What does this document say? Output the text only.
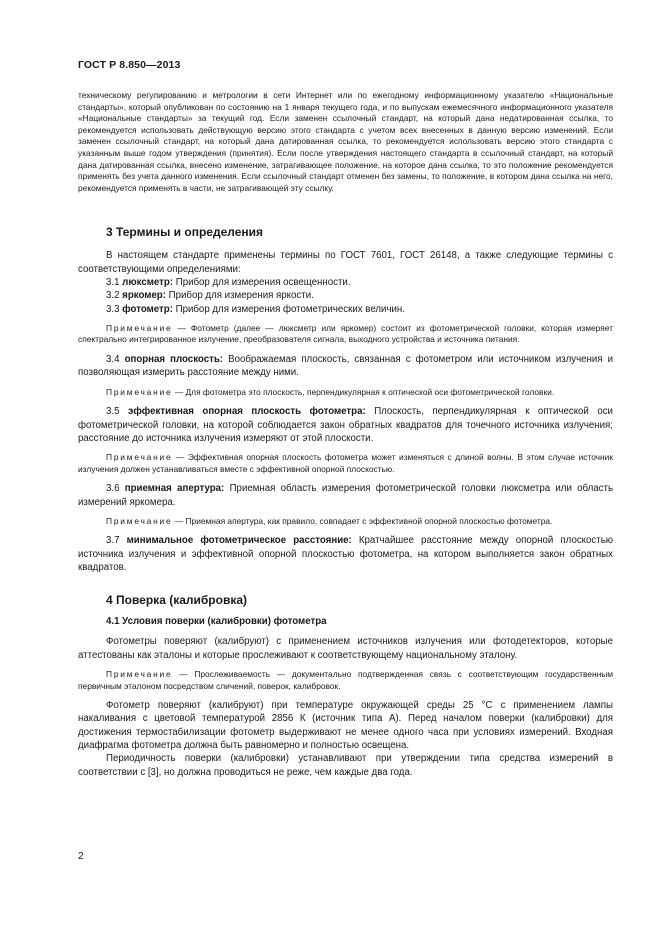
ГОСТ Р 8.850—2013

техническому регулированию и метрологии в сети Интернет или по ежегодному информационному указателю «Национальные стандарты», который опубликован по состоянию на 1 января текущего года, и по выпускам ежемесячного информационного указателя «Национальные стандарты» за текущий год. Если заменен ссылочный стандарт, на который дана недатированная ссылка, то рекомендуется использовать действующую версию этого стандарта с учетом всех внесенных в данную версию изменений. Если заменен ссылочный стандарт, на который дана датированная ссылка, то рекомендуется использовать версию этого стандарта с указанным выше годом утверждения (принятия). Если после утверждения настоящего стандарта в ссылочный стандарт, на который дана датированная ссылка, внесено изменение, затрагивающее положение, на которое дана ссылка, то это положение рекомендуется применять без учета данного изменения. Если ссылочный стандарт отменен без замены, то положение, в котором дана ссылка на него, рекомендуется применять в части, не затрагивающей эту ссылку.

3 Термины и определения

В настоящем стандарте применены термины по ГОСТ 7601, ГОСТ 26148, а также следующие термины с соответствующими определениями:

3.1 люксметр: Прибор для измерения освещенности.

3.2 яркомер: Прибор для измерения яркости.

3.3 фотометр: Прибор для измерения фотометрических величин.

Примечание — Фотометр (далее — люксметр или яркомер) состоит из фотометрической головки, которая измеряет спектрально интегрированное излучение, преобразователя сигнала, выходного устройства и источника питания.

3.4 опорная плоскость: Воображаемая плоскость, связанная с фотометром или источником излучения и позволяющая измерить расстояние между ними.

Примечание — Для фотометра это плоскость, перпендикулярная к оптической оси фотометрической головки.

3.5 эффективная опорная плоскость фотометра: Плоскость, перпендикулярная к оптической оси фотометрической головки, на которой соблюдается закон обратных квадратов для точечного источника излучения; расстояние до источника излучения измеряют от этой плоскости.

Примечание — Эффективная опорная плоскость фотометра может изменяться с длиной волны. В этом случае источник излучения должен устанавливаться вместе с эффективной опорной плоскостью.

3.6 приемная апертура: Приемная область измерения фотометрической головки люксметра или область измерений яркомера.

Примечание — Приемная апертура, как правило, совпадает с эффективной опорной плоскостью фотометра.

3.7 минимальное фотометрическое расстояние: Кратчайшее расстояние между опорной плоскостью источника излучения и эффективной опорной плоскостью фотометра, на котором выполняется закон обратных квадратов.

4 Поверка (калибровка)
4.1 Условия поверки (калибровки) фотометра

Фотометры поверяют (калибруют) с применением источников излучения или фотодетекторов, которые аттестованы как эталоны и которые прослеживают к соответствующему национальному эталону.

Примечание — Прослеживаемость — документально подтвержденная связь с соответствующим государственным первичным эталоном посредством сличений, поверок, калибровок.

Фотометр поверяют (калибруют) при температуре окружающей среды 25 °C с применением лампы накаливания с цветовой температурой 2856 К (источник типа А). Перед началом поверки (калибровки) для достижения термостабилизации фотометр выдерживают не менее одного часа при условиях измерений. Входная диафрагма фотометра должна быть равномерно и полностью освещена.

Периодичность поверки (калибровки) устанавливают при утверждении типа средства измерений в соответствии с [3], но должна проводиться не реже, чем каждые два года.

2
